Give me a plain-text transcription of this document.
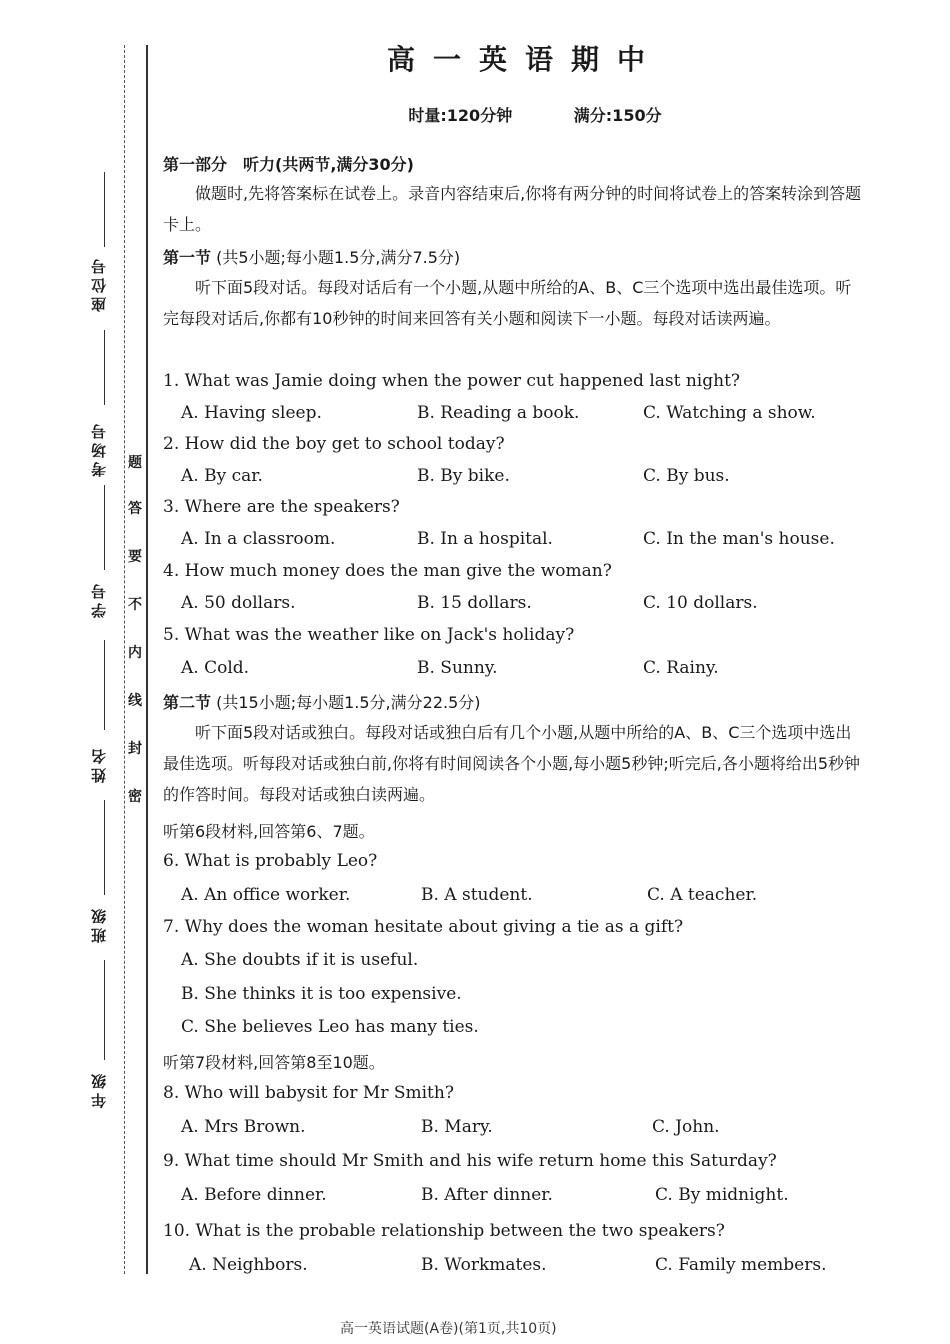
座位号
考场号
学号
姓名
班级
年级
题
答
要
不
内
线
封
密
高一英语期中
时量:120分钟	满分:150分
第一部分　听力(共两节,满分30分)
做题时,先将答案标在试卷上。录音内容结束后,你将有两分钟的时间将试卷上的答案转涂到答题卡上。
第一节 (共5小题;每小题1.5分,满分7.5分)
听下面5段对话。每段对话后有一个小题,从题中所给的A、B、C三个选项中选出最佳选项。听完每段对话后,你都有10秒钟的时间来回答有关小题和阅读下一小题。每段对话读两遍。
1. What was Jamie doing when the power cut happened last night?
A. Having sleep.	B. Reading a book.	C. Watching a show.
2. How did the boy get to school today?
A. By car.	B. By bike.	C. By bus.
3. Where are the speakers?
A. In a classroom.	B. In a hospital.	C. In the man's house.
4. How much money does the man give the woman?
A. 50 dollars.	B. 15 dollars.	C. 10 dollars.
5. What was the weather like on Jack's holiday?
A. Cold.	B. Sunny.	C. Rainy.
第二节 (共15小题;每小题1.5分,满分22.5分)
听下面5段对话或独白。每段对话或独白后有几个小题,从题中所给的A、B、C三个选项中选出最佳选项。听每段对话或独白前,你将有时间阅读各个小题,每小题5秒钟;听完后,各小题将给出5秒钟的作答时间。每段对话或独白读两遍。
听第6段材料,回答第6、7题。
6. What is probably Leo?
A. An office worker.	B. A student.	C. A teacher.
7. Why does the woman hesitate about giving a tie as a gift?
A. She doubts if it is useful.
B. She thinks it is too expensive.
C. She believes Leo has many ties.
听第7段材料,回答第8至10题。
8. Who will babysit for Mr Smith?
A. Mrs Brown.	B. Mary.	C. John.
9. What time should Mr Smith and his wife return home this Saturday?
A. Before dinner.	B. After dinner.	C. By midnight.
10. What is the probable relationship between the two speakers?
A. Neighbors.	B. Workmates.	C. Family members.
高一英语试题(A卷)(第1页,共10页)
